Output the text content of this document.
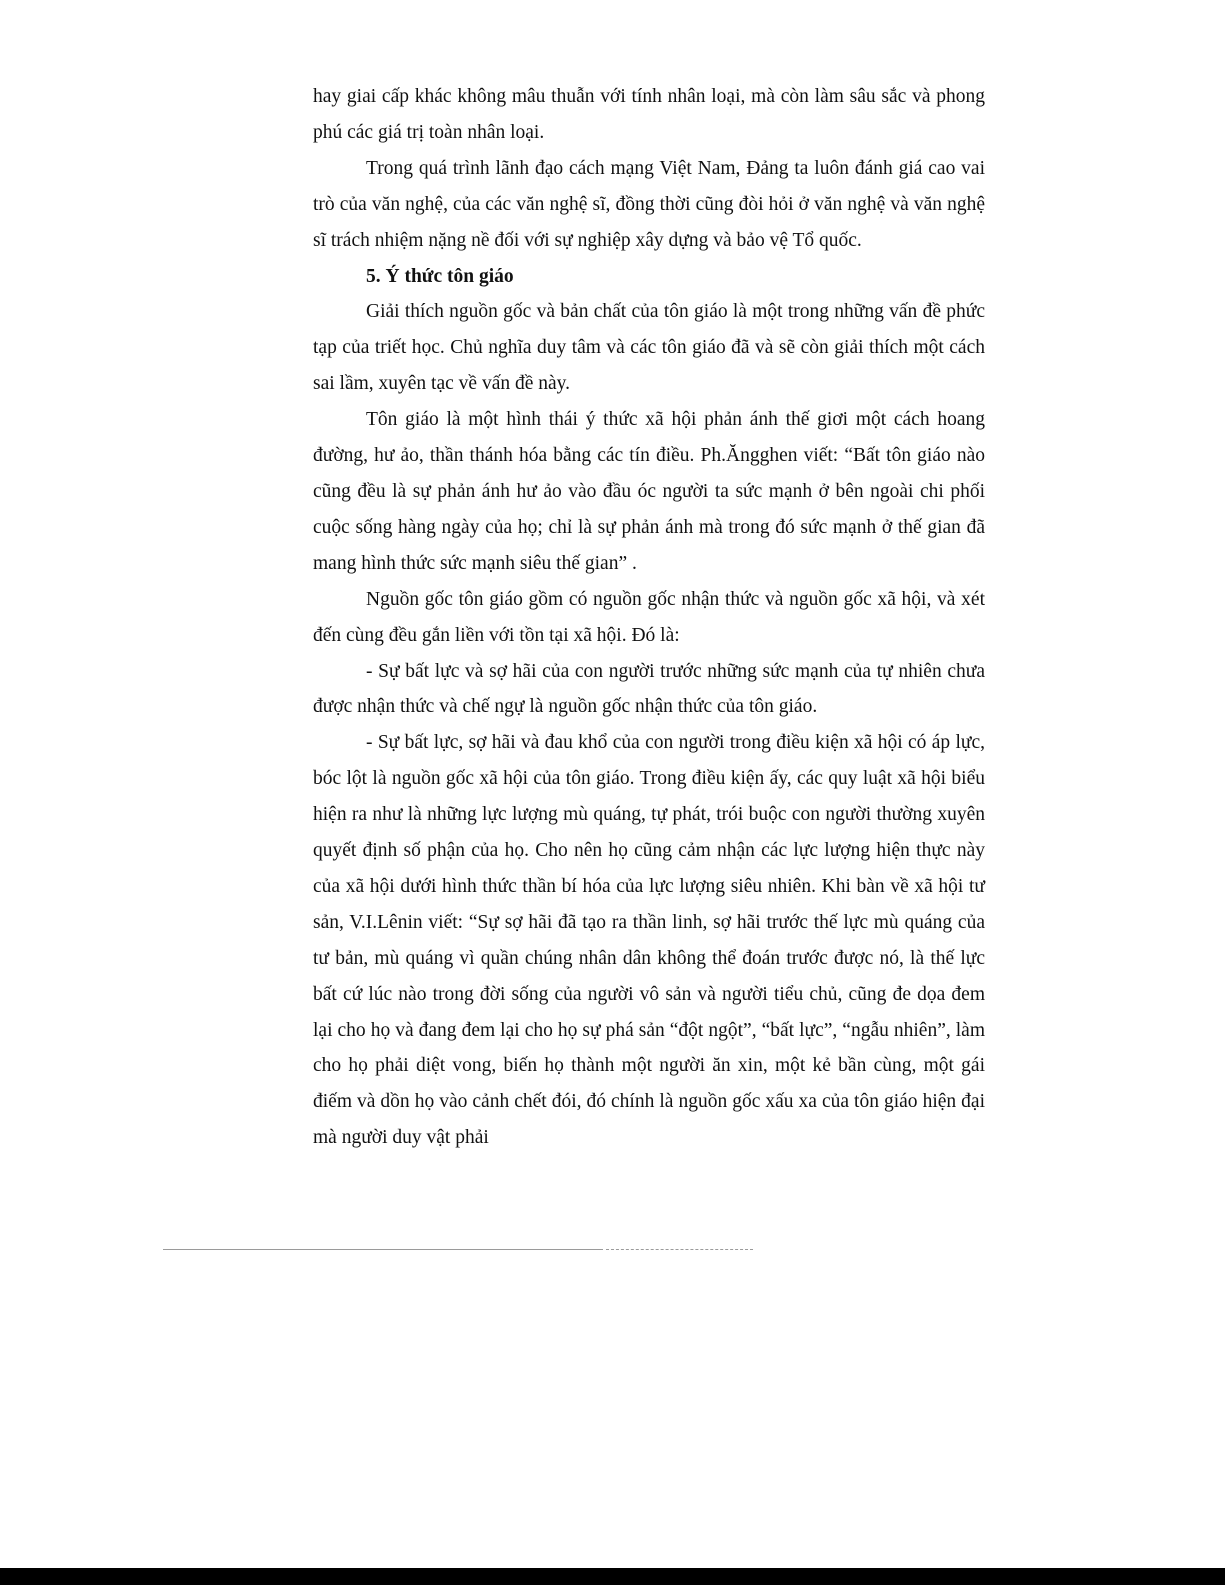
hay giai cấp khác không mâu thuẫn với tính nhân loại, mà còn làm sâu sắc và phong phú các giá trị toàn nhân loại.

Trong quá trình lãnh đạo cách mạng Việt Nam, Đảng ta luôn đánh giá cao vai trò của văn nghệ, của các văn nghệ sĩ, đồng thời cũng đòi hỏi ở văn nghệ và văn nghệ sĩ trách nhiệm nặng nề đối với sự nghiệp xây dựng và bảo vệ Tổ quốc.

5. Ý thức tôn giáo

Giải thích nguồn gốc và bản chất của tôn giáo là một trong những vấn đề phức tạp của triết học. Chủ nghĩa duy tâm và các tôn giáo đã và sẽ còn giải thích một cách sai lầm, xuyên tạc về vấn đề này.

Tôn giáo là một hình thái ý thức xã hội phản ánh thế giơi một cách hoang đường, hư ảo, thần thánh hóa bằng các tín điều. Ph.Ăngghen viết: “Bất tôn giáo nào cũng đều là sự phản ánh hư ảo vào đầu óc người ta sức mạnh ở bên ngoài chi phối cuộc sống hàng ngày của họ; chỉ là sự phản ánh mà trong đó sức mạnh ở thế gian đã mang hình thức sức mạnh siêu thế gian” .

Nguồn gốc tôn giáo gồm có nguồn gốc nhận thức và nguồn gốc xã hội, và xét đến cùng đều gắn liền với tồn tại xã hội. Đó là:

- Sự bất lực và sợ hãi của con người trước những sức mạnh của tự nhiên chưa được nhận thức và chế ngự là nguồn gốc nhận thức của tôn giáo.

- Sự bất lực, sợ hãi và đau khổ của con người trong điều kiện xã hội có áp lực, bóc lột là nguồn gốc xã hội của tôn giáo. Trong điều kiện ấy, các quy luật xã hội biểu hiện ra như là những lực lượng mù quáng, tự phát, trói buộc con người thường xuyên quyết định số phận của họ. Cho nên họ cũng cảm nhận các lực lượng hiện thực này của xã hội dưới hình thức thần bí hóa của lực lượng siêu nhiên. Khi bàn về xã hội tư sản, V.I.Lênin viết: “Sự sợ hãi đã tạo ra thần linh, sợ hãi trước thế lực mù quáng của tư bản, mù quáng vì quần chúng nhân dân không thể đoán trước được nó, là thế lực bất cứ lúc nào trong đời sống của người vô sản và người tiểu chủ, cũng đe dọa đem lại cho họ và đang đem lại cho họ sự phá sản “đột ngột”, “bất lực”, “ngẫu nhiên”, làm cho họ phải diệt vong, biến họ thành một người ăn xin, một kẻ bần cùng, một gái điếm và dồn họ vào cảnh chết đói, đó chính là nguồn gốc xấu xa của tôn giáo hiện đại mà người duy vật phải
